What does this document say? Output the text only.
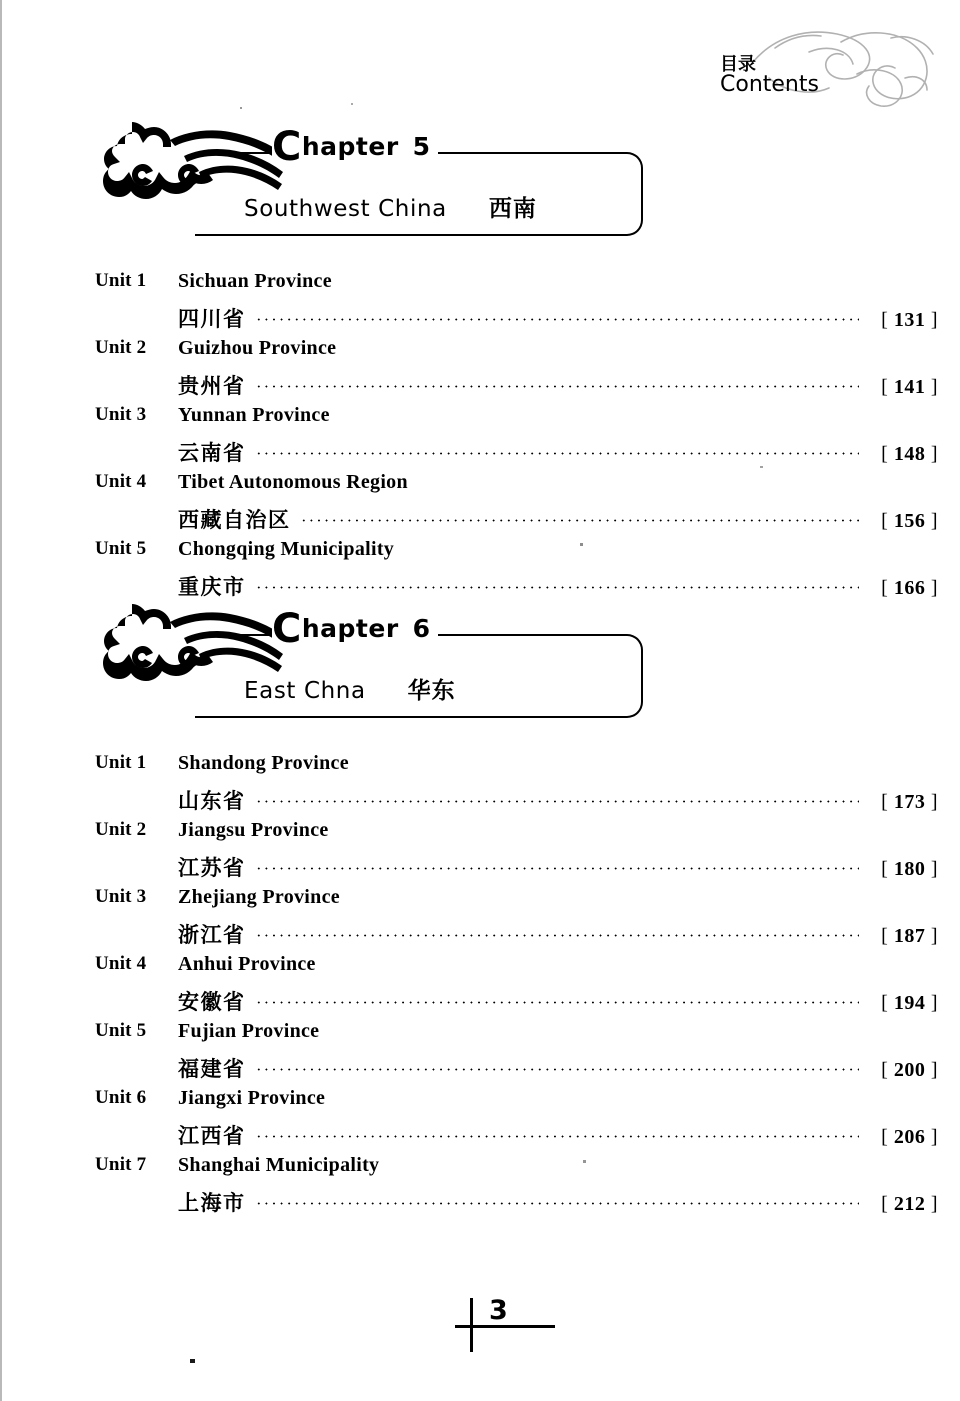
目录
Contents
Chapter 5
Southwest China 西南
Unit 1 Sichuan Province
四川省	[ 131 ]
Unit 2 Guizhou Province
贵州省	[ 141 ]
Unit 3 Yunnan Province
云南省	[ 148 ]
Unit 4 Tibet Autonomous Region
西藏自治区	[ 156 ]
Unit 5 Chongqing Municipality
重庆市	[ 166 ]
Chapter 6
East Chna 华东
Unit 1 Shandong Province
山东省	[ 173 ]
Unit 2 Jiangsu Province
江苏省	[ 180 ]
Unit 3 Zhejiang Province
浙江省	[ 187 ]
Unit 4 Anhui Province
安徽省	[ 194 ]
Unit 5 Fujian Province
福建省	[ 200 ]
Unit 6 Jiangxi Province
江西省	[ 206 ]
Unit 7 Shanghai Municipality
上海市	[ 212 ]
3
